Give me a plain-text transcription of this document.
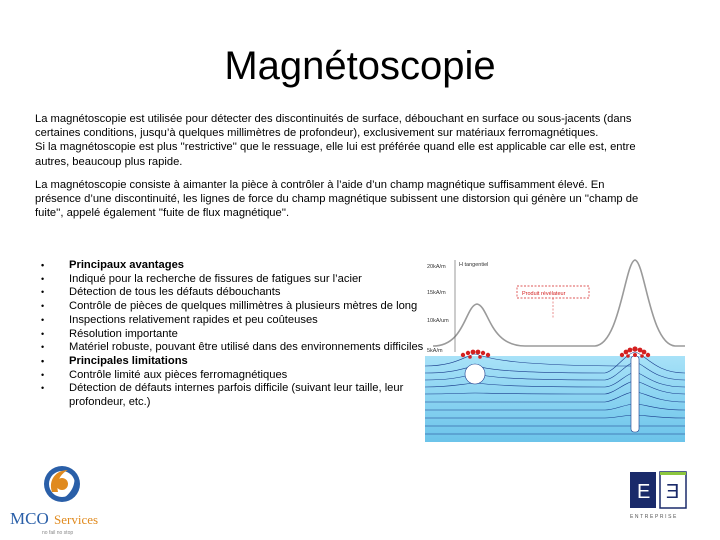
Magnétoscopie

La magnétoscopie est utilisée pour détecter des discontinuités de surface, débouchant en surface ou sous-jacents (dans
certaines conditions, jusqu’à quelques millimètres de profondeur), exclusivement sur matériaux ferromagnétiques.
Si la magnétoscopie est plus ''restrictive'' que le ressuage, elle lui est préférée quand elle est applicable car elle est, entre
autres, beaucoup plus rapide.

La magnétoscopie consiste à aimanter la pièce à contrôler à l’aide d’un champ magnétique suffisamment élevé. En
présence d’une discontinuité, les lignes de force du champ magnétique subissent une distorsion qui génère un ''champ de
fuite'', appelé également ''fuite de flux magnétique''.

• Principaux avantages
• Indiqué pour la recherche de fissures de fatigues sur l’acier
• Détection de tous les défauts débouchants
• Contrôle de pièces de quelques millimètres à plusieurs mètres de long
• Inspections relativement rapides et peu coûteuses
• Résolution importante
• Matériel robuste, pouvant être utilisé dans des environnements difficiles
• Principales limitations
• Contrôle limité aux pièces ferromagnétiques
• Détection de défauts internes parfois difficile (suivant leur taille, leur profondeur, etc.)
20kA/m
15kA/m
10kA/um
5kA/m
H tangentiel
Produit révélateur
MCO Services
no fail no stop
E Ǝ
ENTREPRISE
